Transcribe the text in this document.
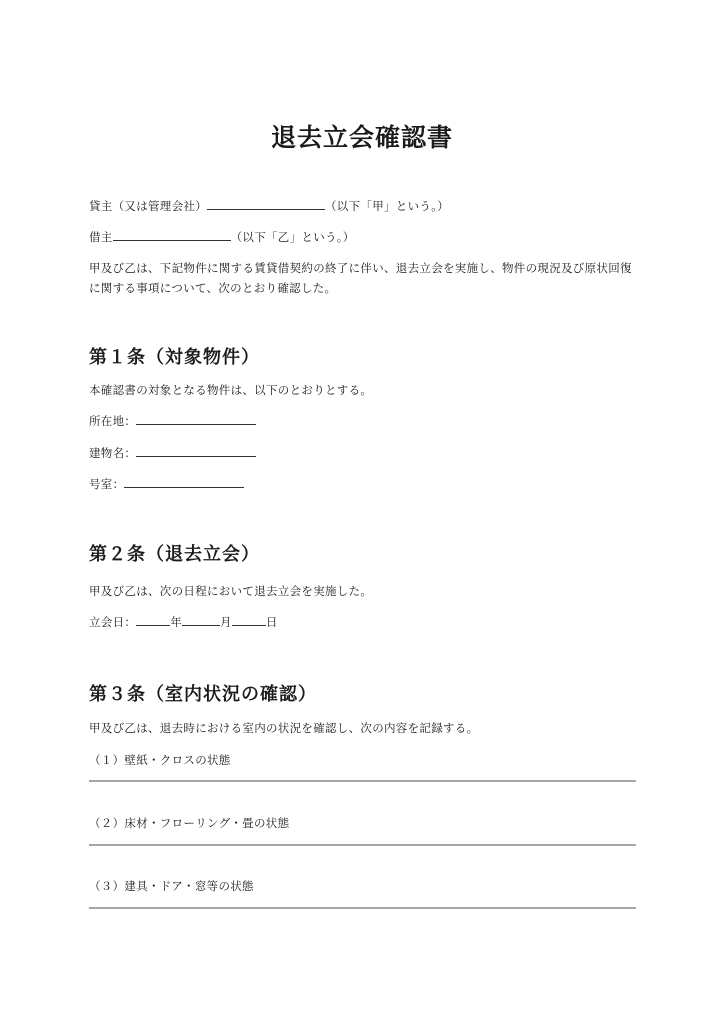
退去立会確認書

貸主（又は管理会社）	（以下「甲」という。）

借主	（以下「乙」という。）

甲及び乙は、下記物件に関する賃貸借契約の終了に伴い、退去立会を実施し、物件の現況及び原状回復に関する事項について、次のとおり確認した。

第１条（対象物件）

本確認書の対象となる物件は、以下のとおりとする。

所在地：

建物名：

号室：

第２条（退去立会）

甲及び乙は、次の日程において退去立会を実施した。

立会日：	年	月	日

第３条（室内状況の確認）

甲及び乙は、退去時における室内の状況を確認し、次の内容を記録する。

（１）壁紙・クロスの状態

（２）床材・フローリング・畳の状態

（３）建具・ドア・窓等の状態
